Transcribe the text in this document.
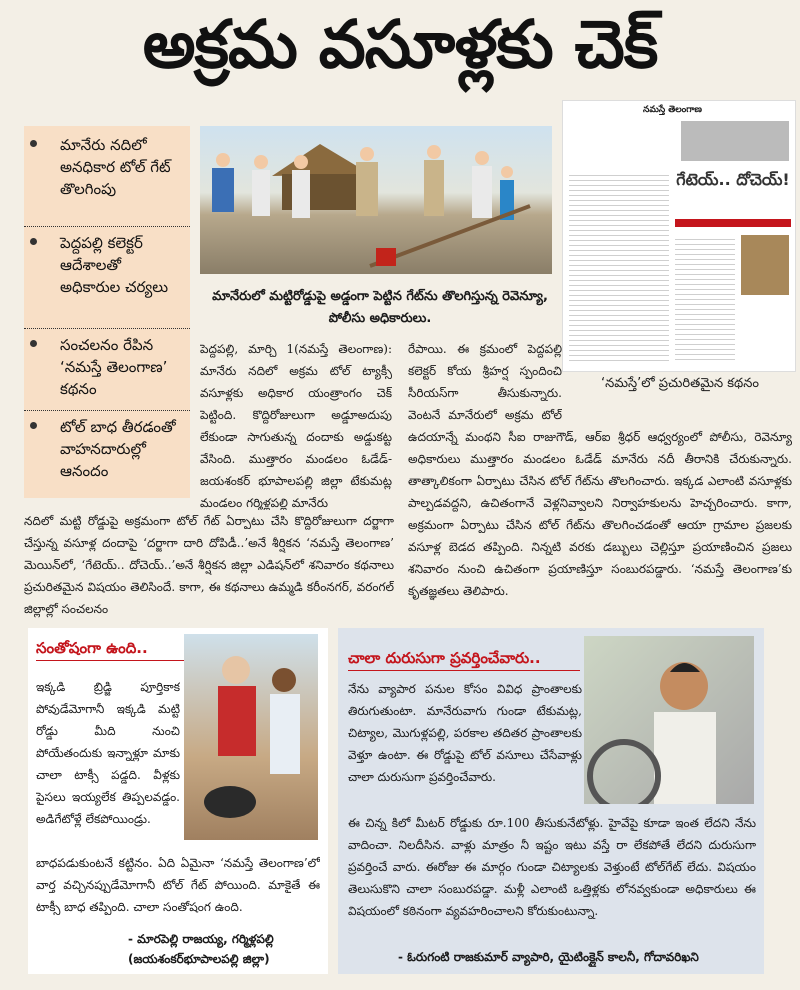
అక్రమ వసూళ్లకు చెక్
మానేరు నదిలో అనధికార టోల్ గేట్ తొలగింపు
పెద్దపల్లి కలెక్టర్ ఆదేశాలతో అధికారుల చర్యలు
సంచలనం రేపిన ‘నమస్తే తెలంగాణ’ కథనం
టోల్ బాధ తీరడంతో వాహనదారుల్లో ఆనందం
మానేరులో మట్టిరోడ్డుపై అడ్డంగా పెట్టిన గేట్‌ను తొలగిస్తున్న రెవెన్యూ, పోలీసు అధికారులు.
నమస్తే తెలంగాణ
గేటెయ్.. దోచెయ్!
‘నమస్తే’లో ప్రచురితమైన కథనం
పెద్దపల్లి, మార్చి 1(నమస్తే తెలంగాణ): మానేరు నదిలో అక్రమ టోల్ ట్యాక్సీ వసూళ్లకు అధికార యంత్రాంగం చెక్ పెట్టింది. కొద్దిరోజులుగా అడ్డూఅదుపు లేకుండా సాగుతున్న దందాకు అడ్డుకట్ట వేసింది. ముత్తారం మండలం ఓడేడ్‌- జయశంకర్ భూపాలపల్లి జిల్లా టేకుమట్ల మండలం గర్మిళ్లపల్లి మానేరు
రేపాయి. ఈ క్రమంలో పెద్దపల్లి కలెక్టర్ కోయ శ్రీహర్ష స్పందించి సీరియస్‌గా తీసుకున్నారు. వెంటనే మానేరులో అక్రమ టోల్
నదిలో మట్టి రోడ్డుపై అక్రమంగా టోల్ గేట్ ఏర్పాటు చేసి కొద్దిరోజులుగా దర్జాగా చేస్తున్న వసూళ్ల దందాపై ‘దర్జాగా దారి దోపిడీ..’అనే శీర్షికన ‘నమస్తే తెలంగాణ’ మెయిన్‌లో, ‘గేటెయ్.. దోచెయ్..’అనే శీర్షికన జిల్లా ఎడిషన్‌లో శనివారం కథనాలు ప్రచురితమైన విషయం తెలిసిందే. కాగా, ఈ కథనాలు ఉమ్మడి కరీంనగర్, వరంగల్ జిల్లాల్లో సంచలనం
ఉదయాన్నే మంథని సీఐ రాజుగౌడ్, ఆర్ఐ శ్రీధర్ ఆధ్వర్యంలో పోలీసు, రెవెన్యూ అధికారులు ముత్తారం మండలం ఓడేడ్ మానేరు నదీ తీరానికి చేరుకున్నారు. తాత్కాలికంగా ఏర్పాటు చేసిన టోల్ గేట్‌ను తొలగించారు. ఇక్కడ ఎలాంటి వసూళ్లకు పాల్పడవద్దని, ఉచితంగానే వెళ్లనివ్వాలని నిర్వాహకులను హెచ్చరించారు. కాగా, అక్రమంగా ఏర్పాటు చేసిన టోల్ గేట్‌ను తొలగించడంతో ఆయా గ్రామాల ప్రజలకు వసూళ్ల బెడద తప్పింది. నిన్నటి వరకు డబ్బులు చెల్లిస్తూ ప్రయాణించిన ప్రజలు శనివారం నుంచి ఉచితంగా ప్రయాణిస్తూ సంబురపడ్డారు. ‘నమస్తే తెలంగాణ’కు కృతజ్ఞతలు తెలిపారు.
సంతోషంగా ఉంది..
ఇక్కడి బ్రిడ్జి పూర్తికాక పోవుడేమోగానీ ఇక్కడి మట్టి రోడ్డు మీది నుంచి పోయేతందుకు ఇన్నాళ్లూ మాకు చాలా టాక్సీ పడ్డది. వీళ్లకు పైసలు ఇయ్యలేక తిప్పలవడ్డం. అడిగేటోళ్లే లేకపోయిండ్రు.
బాధపడుకుంటనే కట్టినం. ఏది ఏమైనా ‘నమస్తే తెలంగాణ’లో వార్త వచ్చినప్పుడేమోగానీ టోల్ గేట్ పోయింది. మాకైతే ఈ టాక్సీ బాధ తప్పింది. చాలా సంతోషంగ ఉంది.
- మారపెల్లి రాజయ్య, గర్మిళ్లపల్లి
(జయశంకర్‌భూపాలపల్లి జిల్లా)
చాలా దురుసుగా ప్రవర్తించేవారు..
నేను వ్యాపార పనుల కోసం వివిధ ప్రాంతాలకు తిరుగుతుంటా. మానేరువాగు గుండా టేకుమట్ల, చిట్యాల, మొగుళ్లపల్లి, పరకాల తదితర ప్రాంతాలకు వెళ్తూ ఉంటా. ఈ రోడ్డుపై టోల్ వసూలు చేసేవాళ్లు చాలా దురుసుగా ప్రవర్తించేవారు.
ఈ చిన్న కిలో మీటర్ రోడ్డుకు రూ.100 తీసుకునేటోళ్లు. హైవేపై కూడా ఇంత లేదని నేను వాదించా. నిలదీసిన. వాళ్లు మాత్రం నీ ఇష్టం ఇటు వస్తే రా లేకపోతే లేదని దురుసుగా ప్రవర్తించే వారు. ఈరోజు ఈ మార్గం గుండా చిట్యాలకు వెళ్తుంటే టోల్‌గేట్ లేదు. విషయం తెలుసుకొని చాలా సంబురపడ్డా. మళ్లీ ఎలాంటి ఒత్తిళ్లకు లోనవ్వకుండా అధికారులు ఈ విషయంలో కఠినంగా వ్యవహరించాలని కోరుకుంటున్నా.
- ఓరుగంటి రాజకుమార్ వ్యాపారి, యైటింక్లైన్ కాలనీ, గోదావరిఖని
